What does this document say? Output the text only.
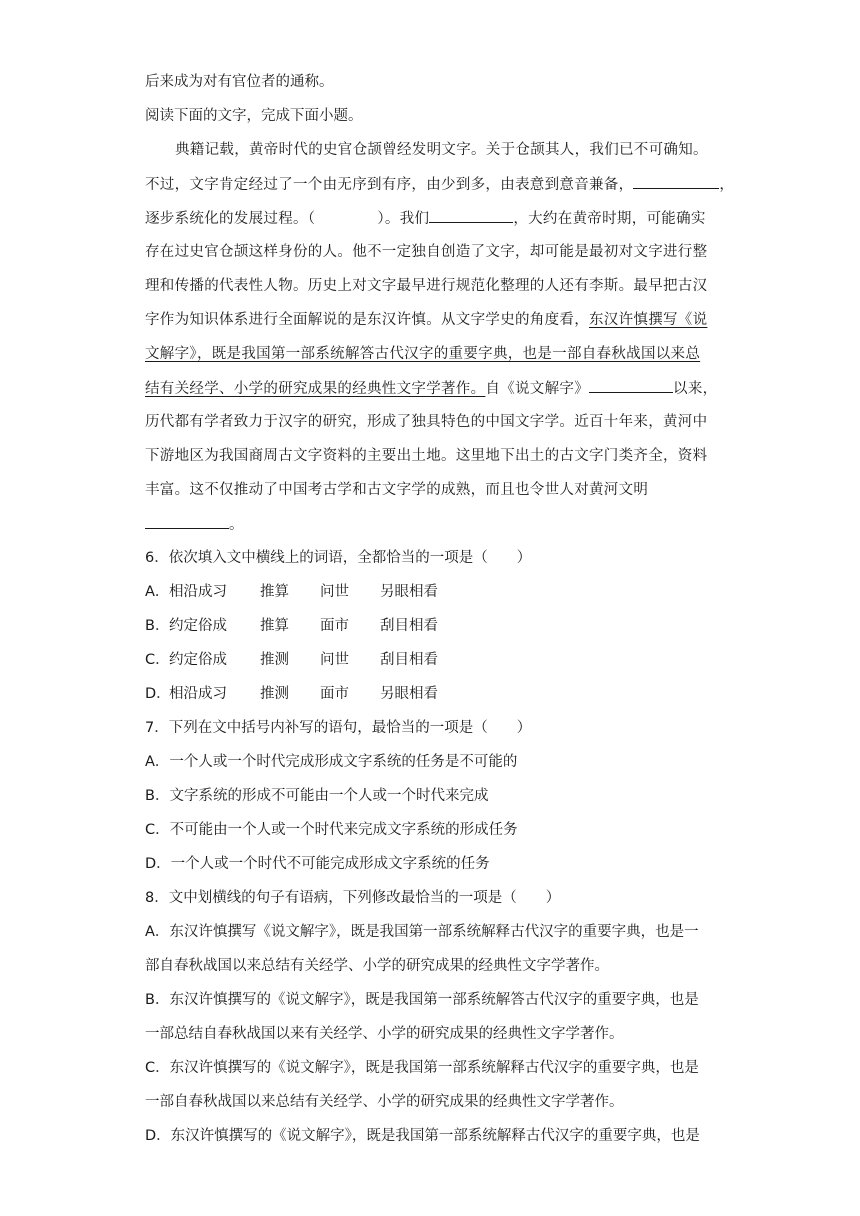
后来成为对有官位者的通称。
阅读下面的文字，完成下面小题。
典籍记载，黄帝时代的史官仓颉曾经发明文字。关于仓颉其人，我们已不可确知。
不过，文字肯定经过了一个由无序到有序，由少到多，由表意到意音兼备，	，
逐步系统化的发展过程。（	）。我们	，大约在黄帝时期，可能确实
存在过史官仓颉这样身份的人。他不一定独自创造了文字，却可能是最初对文字进行整
理和传播的代表性人物。历史上对文字最早进行规范化整理的人还有李斯。最早把古汉
字作为知识体系进行全面解说的是东汉许慎。从文字学史的角度看，东汉许慎撰写《说
文解字》，既是我国第一部系统解答古代汉字的重要字典，也是一部自春秋战国以来总
结有关经学、小学的研究成果的经典性文字学著作。自《说文解字》	以来，
历代都有学者致力于汉字的研究，形成了独具特色的中国文字学。近百十年来，黄河中
下游地区为我国商周古文字资料的主要出土地。这里地下出土的古文字门类齐全，资料
丰富。这不仅推动了中国考古学和古文字学的成熟，而且也令世人对黄河文明
。
6．依次填入文中横线上的词语，全都恰当的一项是（　　）
A．相沿成习 推算 问世 另眼相看
B．约定俗成 推算 面市 刮目相看
C．约定俗成 推测 问世 刮目相看
D．相沿成习 推测 面市 另眼相看
7．下列在文中括号内补写的语句，最恰当的一项是（　　）
A．一个人或一个时代完成形成文字系统的任务是不可能的
B．文字系统的形成不可能由一个人或一个时代来完成
C．不可能由一个人或一个时代来完成文字系统的形成任务
D．一个人或一个时代不可能完成形成文字系统的任务
8．文中划横线的句子有语病，下列修改最恰当的一项是（　　）
A．东汉许慎撰写《说文解字》，既是我国第一部系统解释古代汉字的重要字典，也是一
部自春秋战国以来总结有关经学、小学的研究成果的经典性文字学著作。
B．东汉许慎撰写的《说文解字》，既是我国第一部系统解答古代汉字的重要字典，也是
一部总结自春秋战国以来有关经学、小学的研究成果的经典性文字学著作。
C．东汉许慎撰写的《说文解字》，既是我国第一部系统解释古代汉字的重要字典，也是
一部自春秋战国以来总结有关经学、小学的研究成果的经典性文字学著作。
D．东汉许慎撰写的《说文解字》，既是我国第一部系统解释古代汉字的重要字典，也是
